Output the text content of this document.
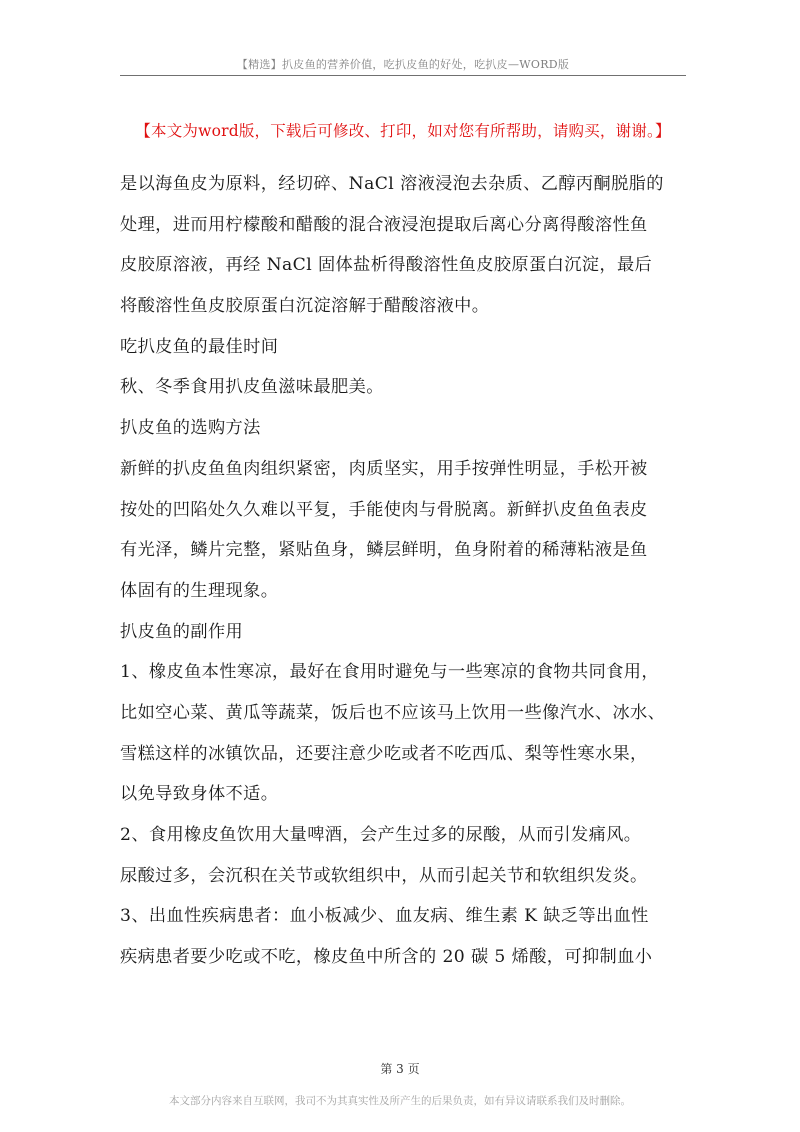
【精选】扒皮鱼的营养价值，吃扒皮鱼的好处，吃扒皮—WORD版
【本文为word版，下载后可修改、打印，如对您有所帮助，请购买，谢谢。】
是以海鱼皮为原料，经切碎、NaCl 溶液浸泡去杂质、乙醇丙酮脱脂的
处理，进而用柠檬酸和醋酸的混合液浸泡提取后离心分离得酸溶性鱼
皮胶原溶液，再经 NaCl 固体盐析得酸溶性鱼皮胶原蛋白沉淀，最后
将酸溶性鱼皮胶原蛋白沉淀溶解于醋酸溶液中。
吃扒皮鱼的最佳时间
秋、冬季食用扒皮鱼滋味最肥美。
扒皮鱼的选购方法
新鲜的扒皮鱼鱼肉组织紧密，肉质坚实，用手按弹性明显，手松开被
按处的凹陷处久久难以平复，手能使肉与骨脱离。新鲜扒皮鱼鱼表皮
有光泽，鳞片完整，紧贴鱼身，鳞层鲜明，鱼身附着的稀薄粘液是鱼
体固有的生理现象。
扒皮鱼的副作用
1、橡皮鱼本性寒凉，最好在食用时避免与一些寒凉的食物共同食用，
比如空心菜、黄瓜等蔬菜，饭后也不应该马上饮用一些像汽水、冰水、
雪糕这样的冰镇饮品，还要注意少吃或者不吃西瓜、梨等性寒水果，
以免导致身体不适。
2、食用橡皮鱼饮用大量啤酒，会产生过多的尿酸，从而引发痛风。
尿酸过多，会沉积在关节或软组织中，从而引起关节和软组织发炎。
3、出血性疾病患者：血小板减少、血友病、维生素 K 缺乏等出血性
疾病患者要少吃或不吃，橡皮鱼中所含的 20 碳 5 烯酸，可抑制血小
第 3 页
本文部分内容来自互联网，我司不为其真实性及所产生的后果负责，如有异议请联系我们及时删除。
